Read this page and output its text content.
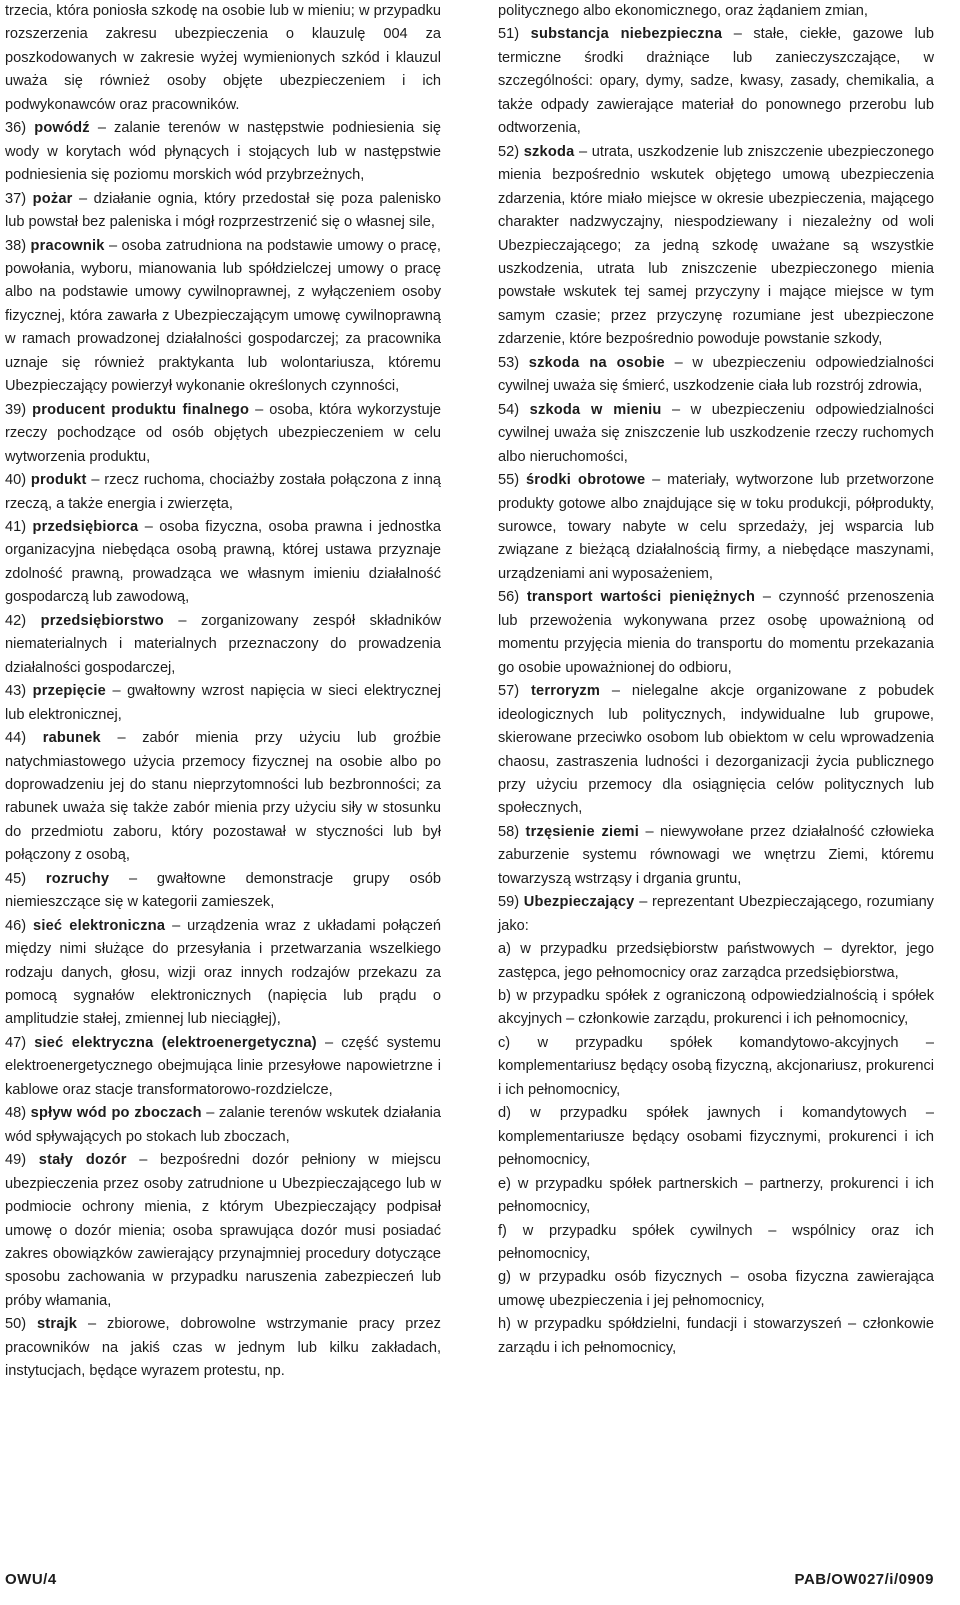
trzecia, która poniosła szkodę na osobie lub w mieniu; w przypadku rozszerzenia zakresu ubezpieczenia o klauzulę 004 za poszkodowanych w zakresie wyżej wymienionych szkód i klauzul uważa się również osoby objęte ubezpieczeniem i ich podwykonawców oraz pracowników.

36) powódź – zalanie terenów w następstwie podniesienia się wody w korytach wód płynących i stojących lub w następstwie podniesienia się poziomu morskich wód przybrzeżnych,

37) pożar – działanie ognia, który przedostał się poza palenisko lub powstał bez paleniska i mógł rozprzestrzenić się o własnej sile,

38) pracownik – osoba zatrudniona na podstawie umowy o pracę, powołania, wyboru, mianowania lub spółdzielczej umowy o pracę albo na podstawie umowy cywilnoprawnej, z wyłączeniem osoby fizycznej, która zawarła z Ubezpieczającym umowę cywilnoprawną w ramach prowadzonej działalności gospodarczej; za pracownika uznaje się również praktykanta lub wolontariusza, któremu Ubezpieczający powierzył wykonanie określonych czynności,

39) producent produktu finalnego – osoba, która wykorzystuje rzeczy pochodzące od osób objętych ubezpieczeniem w celu wytworzenia produktu,

40) produkt – rzecz ruchoma, chociażby została połączona z inną rzeczą, a także energia i zwierzęta,

41) przedsiębiorca – osoba fizyczna, osoba prawna i jednostka organizacyjna niebędąca osobą prawną, której ustawa przyznaje zdolność prawną, prowadząca we własnym imieniu działalność gospodarczą lub zawodową,

42) przedsiębiorstwo – zorganizowany zespół składników niematerialnych i materialnych przeznaczony do prowadzenia działalności gospodarczej,

43) przepięcie – gwałtowny wzrost napięcia w sieci elektrycznej lub elektronicznej,

44) rabunek – zabór mienia przy użyciu lub groźbie natychmiastowego użycia przemocy fizycznej na osobie albo po doprowadzeniu jej do stanu nieprzytomności lub bezbronności; za rabunek uważa się także zabór mienia przy użyciu siły w stosunku do przedmiotu zaboru, który pozostawał w styczności lub był połączony z osobą,

45) rozruchy – gwałtowne demonstracje grupy osób niemieszczące się w kategorii zamieszek,

46) sieć elektroniczna – urządzenia wraz z układami połączeń między nimi służące do przesyłania i przetwarzania wszelkiego rodzaju danych, głosu, wizji oraz innych rodzajów przekazu za pomocą sygnałów elektronicznych (napięcia lub prądu o amplitudzie stałej, zmiennej lub nieciągłej),

47) sieć elektryczna (elektroenergetyczna) – część systemu elektroenergetycznego obejmująca linie przesyłowe napowietrzne i kablowe oraz stacje transformatorowo-rozdzielcze,

48) spływ wód po zboczach – zalanie terenów wskutek działania wód spływających po stokach lub zboczach,

49) stały dozór – bezpośredni dozór pełniony w miejscu ubezpieczenia przez osoby zatrudnione u Ubezpieczającego lub w podmiocie ochrony mienia, z którym Ubezpieczający podpisał umowę o dozór mienia; osoba sprawująca dozór musi posiadać zakres obowiązków zawierający przynajmniej procedury dotyczące sposobu zachowania w przypadku naruszenia zabezpieczeń lub próby włamania,

50) strajk – zbiorowe, dobrowolne wstrzymanie pracy przez pracowników na jakiś czas w jednym lub kilku zakładach, instytucjach, będące wyrazem protestu, np.

politycznego albo ekonomicznego, oraz żądaniem zmian,

51) substancja niebezpieczna – stałe, ciekłe, gazowe lub termiczne środki drażniące lub zanieczyszczające, w szczególności: opary, dymy, sadze, kwasy, zasady, chemikalia, a także odpady zawierające materiał do ponownego przerobu lub odtworzenia,

52) szkoda – utrata, uszkodzenie lub zniszczenie ubezpieczonego mienia bezpośrednio wskutek objętego umową ubezpieczenia zdarzenia, które miało miejsce w okresie ubezpieczenia, mającego charakter nadzwyczajny, niespodziewany i niezależny od woli Ubezpieczającego; za jedną szkodę uważane są wszystkie uszkodzenia, utrata lub zniszczenie ubezpieczonego mienia powstałe wskutek tej samej przyczyny i mające miejsce w tym samym czasie; przez przyczynę rozumiane jest ubezpieczone zdarzenie, które bezpośrednio powoduje powstanie szkody,

53) szkoda na osobie – w ubezpieczeniu odpowiedzialności cywilnej uważa się śmierć, uszkodzenie ciała lub rozstrój zdrowia,

54) szkoda w mieniu – w ubezpieczeniu odpowiedzialności cywilnej uważa się zniszczenie lub uszkodzenie rzeczy ruchomych albo nieruchomości,

55) środki obrotowe – materiały, wytworzone lub przetworzone produkty gotowe albo znajdujące się w toku produkcji, półprodukty, surowce, towary nabyte w celu sprzedaży, jej wsparcia lub związane z bieżącą działalnością firmy, a niebędące maszynami, urządzeniami ani wyposażeniem,

56) transport wartości pieniężnych – czynność przenoszenia lub przewożenia wykonywana przez osobę upoważnioną od momentu przyjęcia mienia do transportu do momentu przekazania go osobie upoważnionej do odbioru,

57) terroryzm – nielegalne akcje organizowane z pobudek ideologicznych lub politycznych, indywidualne lub grupowe, skierowane przeciwko osobom lub obiektom w celu wprowadzenia chaosu, zastraszenia ludności i dezorganizacji życia publicznego przy użyciu przemocy dla osiągnięcia celów politycznych lub społecznych,

58) trzęsienie ziemi – niewywołane przez działalność człowieka zaburzenie systemu równowagi we wnętrzu Ziemi, któremu towarzyszą wstrząsy i drgania gruntu,

59) Ubezpieczający – reprezentant Ubezpieczającego, rozumiany jako:

a) w przypadku przedsiębiorstw państwowych – dyrektor, jego zastępca, jego pełnomocnicy oraz zarządca przedsiębiorstwa,

b) w przypadku spółek z ograniczoną odpowiedzialnością i spółek akcyjnych – członkowie zarządu, prokurenci i ich pełnomocnicy,

c) w przypadku spółek komandytowo-akcyjnych – komplementariusz będący osobą fizyczną, akcjonariusz, prokurenci i ich pełnomocnicy,

d) w przypadku spółek jawnych i komandytowych – komplementariusze będący osobami fizycznymi, prokurenci i ich pełnomocnicy,

e) w przypadku spółek partnerskich – partnerzy, prokurenci i ich pełnomocnicy,

f) w przypadku spółek cywilnych – wspólnicy oraz ich pełnomocnicy,

g) w przypadku osób fizycznych – osoba fizyczna zawierająca umowę ubezpieczenia i jej pełnomocnicy,

h) w przypadku spółdzielni, fundacji i stowarzyszeń – członkowie zarządu i ich pełnomocnicy,

OWU/4	PAB/OW027/i/0909
